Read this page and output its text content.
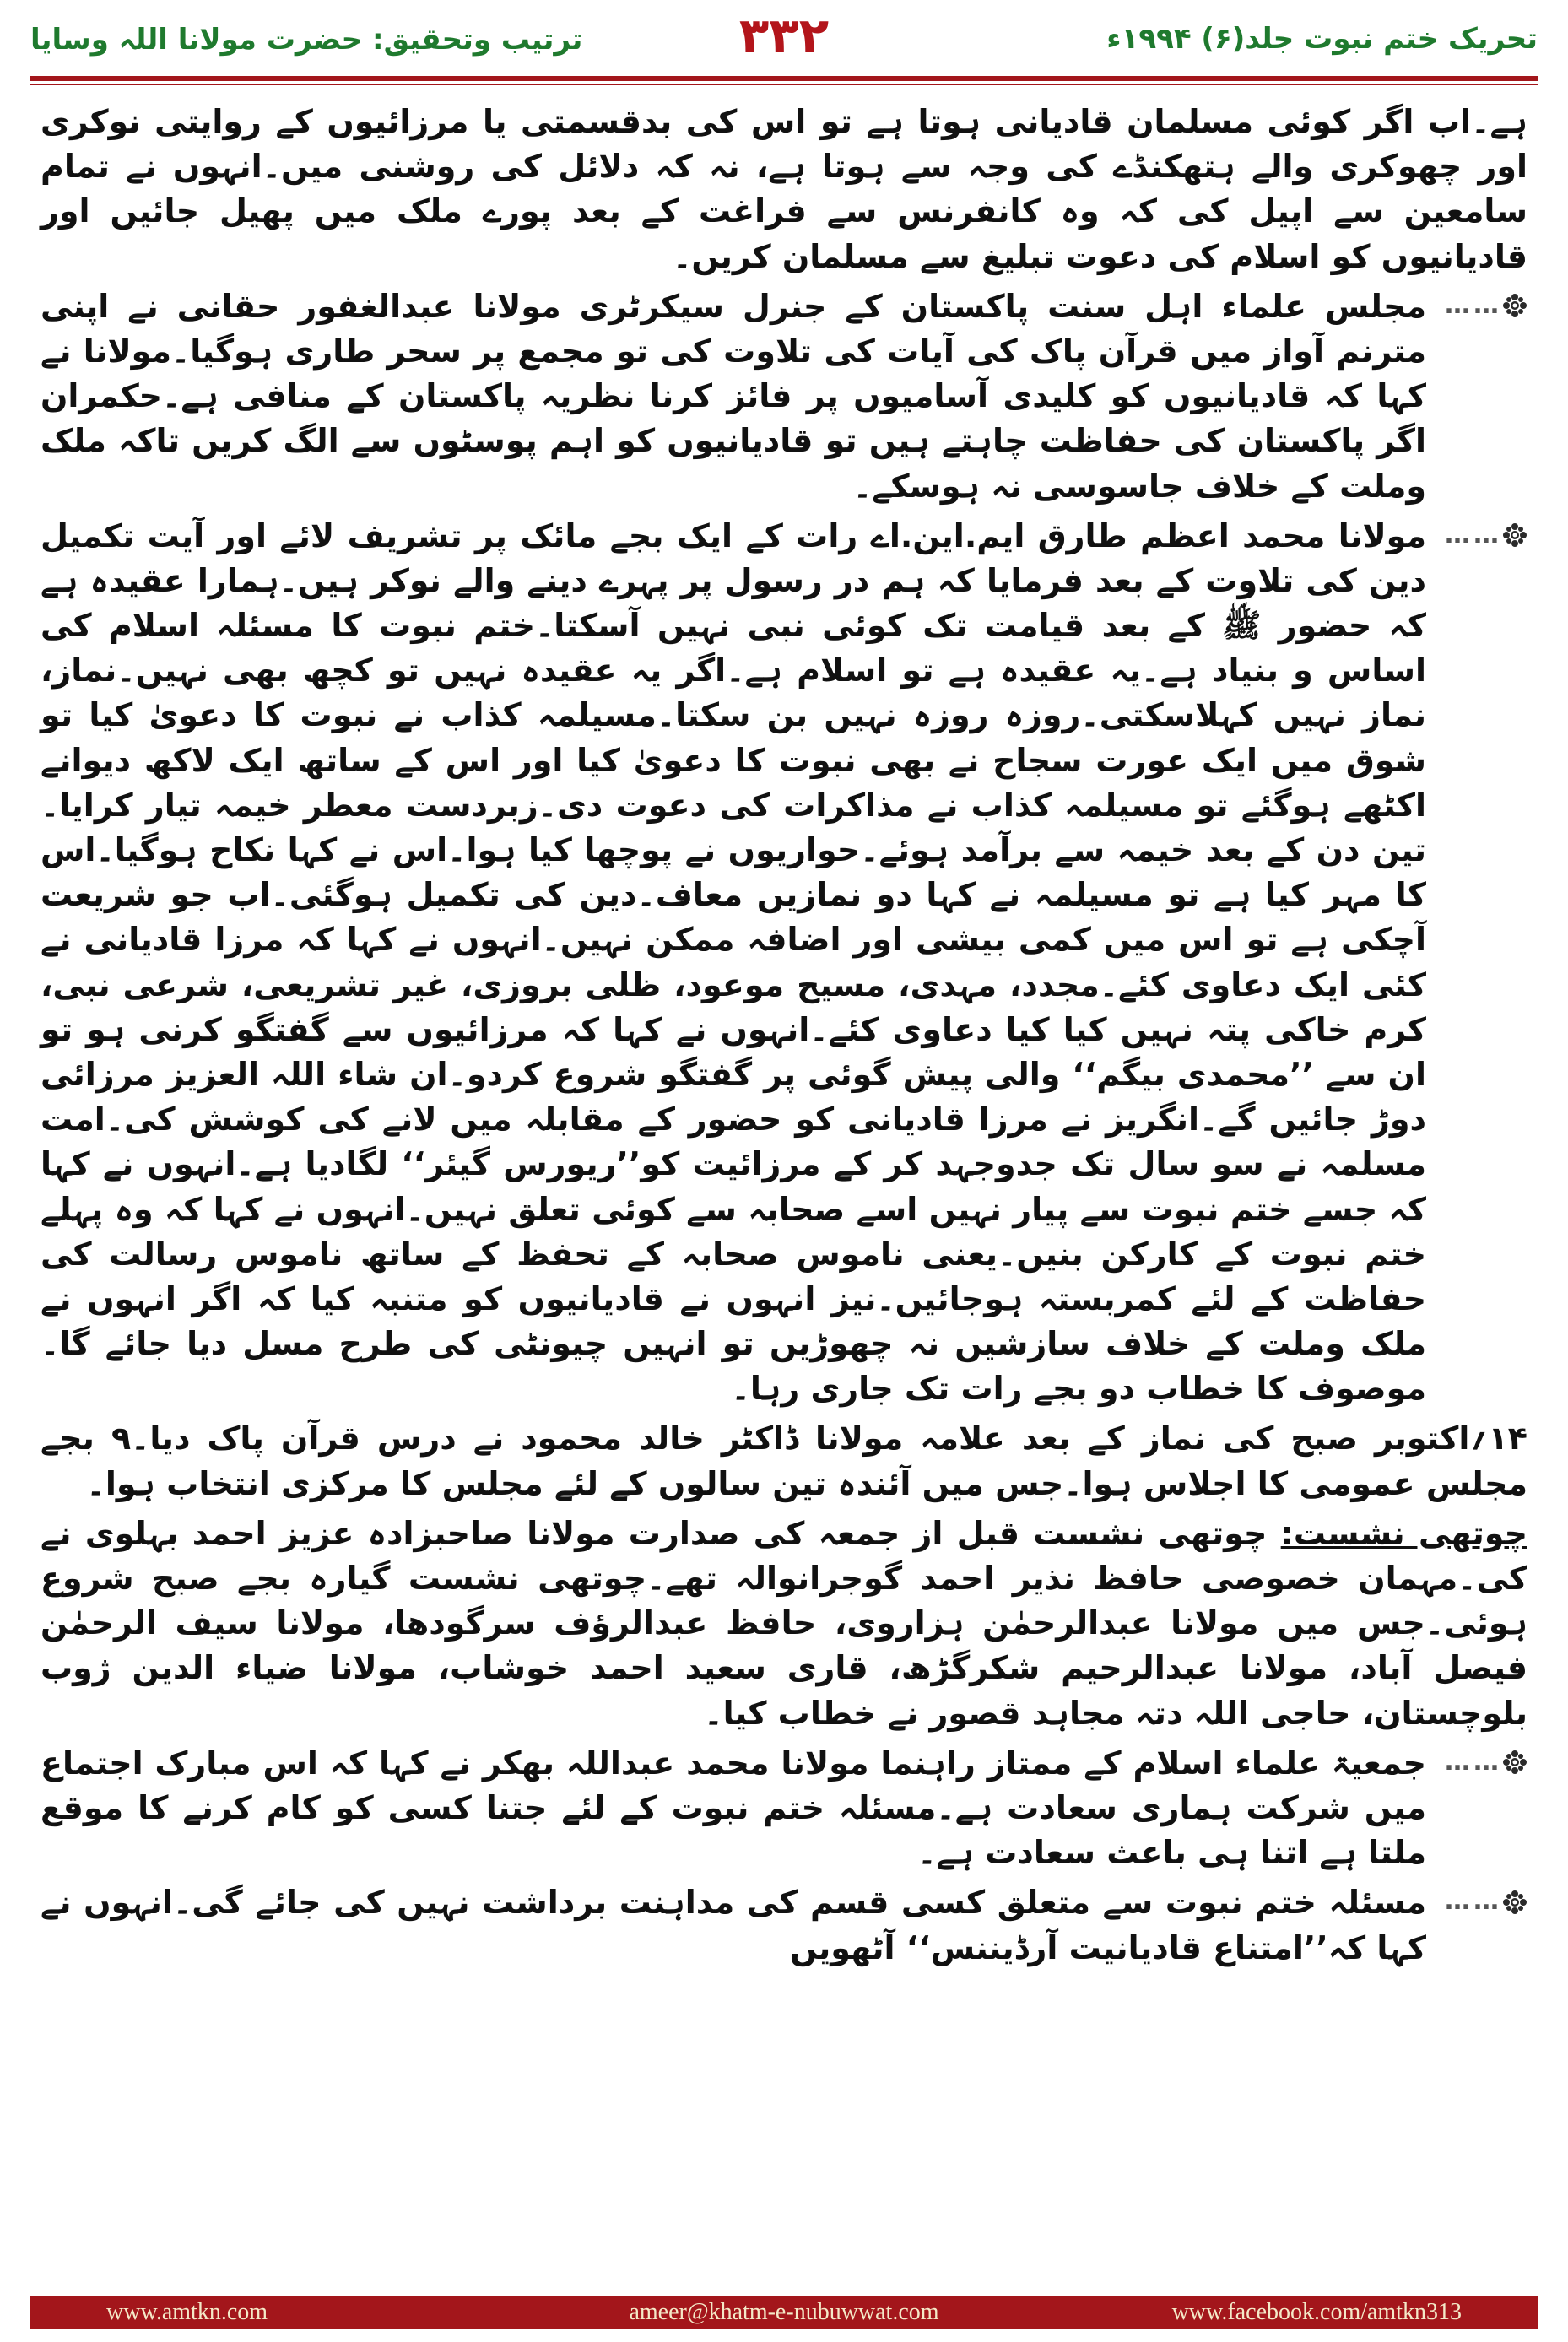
ترتیب وتحقیق: حضرت مولانا اللہ وسایا	۳۳۲	تحریک ختم نبوت جلد(۶) ۱۹۹۴ء

ہے۔اب اگر کوئی مسلمان قادیانی ہوتا ہے تو اس کی بدقسمتی یا مرزائیوں کے روایتی نوکری اور چھوکری والے ہتھکنڈے کی وجہ سے ہوتا ہے، نہ کہ دلائل کی روشنی میں۔انہوں نے تمام سامعین سے اپیل کی کہ وہ کانفرنس سے فراغت کے بعد پورے ملک میں پھیل جائیں اور قادیانیوں کو اسلام کی دعوت تبلیغ سے مسلمان کریں۔

……
مجلس علماء اہل سنت پاکستان کے جنرل سیکرٹری مولانا عبدالغفور حقانی نے اپنی مترنم آواز میں قرآن پاک کی آیات کی تلاوت کی تو مجمع پر سحر طاری ہوگیا۔مولانا نے کہا کہ قادیانیوں کو کلیدی آسامیوں پر فائز کرنا نظریہ پاکستان کے منافی ہے۔حکمران اگر پاکستان کی حفاظت چاہتے ہیں تو قادیانیوں کو اہم پوسٹوں سے الگ کریں تاکہ ملک وملت کے خلاف جاسوسی نہ ہوسکے۔

……
مولانا محمد اعظم طارق ایم.این.اے رات کے ایک بجے مائک پر تشریف لائے اور آیت تکمیل دین کی تلاوت کے بعد فرمایا کہ ہم در رسول پر پہرے دینے والے نوکر ہیں۔ہمارا عقیدہ ہے کہ حضور ﷺ کے بعد قیامت تک کوئی نبی نہیں آسکتا۔ختم نبوت کا مسئلہ اسلام کی اساس و بنیاد ہے۔یہ عقیدہ ہے تو اسلام ہے۔اگر یہ عقیدہ نہیں تو کچھ بھی نہیں۔نماز، نماز نہیں کہلاسکتی۔روزہ روزہ نہیں بن سکتا۔مسیلمہ کذاب نے نبوت کا دعویٰ کیا تو شوق میں ایک عورت سجاح نے بھی نبوت کا دعویٰ کیا اور اس کے ساتھ ایک لاکھ دیوانے اکٹھے ہوگئے تو مسیلمہ کذاب نے مذاکرات کی دعوت دی۔زبردست معطر خیمہ تیار کرایا۔تین دن کے بعد خیمہ سے برآمد ہوئے۔حواریوں نے پوچھا کیا ہوا۔اس نے کہا نکاح ہوگیا۔اس کا مہر کیا ہے تو مسیلمہ نے کہا دو نمازیں معاف۔دین کی تکمیل ہوگئی۔اب جو شریعت آچکی ہے تو اس میں کمی بیشی اور اضافہ ممکن نہیں۔انہوں نے کہا کہ مرزا قادیانی نے کئی ایک دعاوی کئے۔مجدد، مہدی، مسیح موعود، ظلی بروزی، غیر تشریعی، شرعی نبی، کرم خاکی پتہ نہیں کیا کیا دعاوی کئے۔انہوں نے کہا کہ مرزائیوں سے گفتگو کرنی ہو تو ان سے ’’محمدی بیگم‘‘ والی پیش گوئی پر گفتگو شروع کردو۔ان شاء اللہ العزیز مرزائی دوڑ جائیں گے۔انگریز نے مرزا قادیانی کو حضور کے مقابلہ میں لانے کی کوشش کی۔امت مسلمہ نے سو سال تک جدوجہد کر کے مرزائیت کو’’ریورس گیئر‘‘ لگادیا ہے۔انہوں نے کہا کہ جسے ختم نبوت سے پیار نہیں اسے صحابہ سے کوئی تعلق نہیں۔انہوں نے کہا کہ وہ پہلے ختم نبوت کے کارکن بنیں۔یعنی ناموس صحابہ کے تحفظ کے ساتھ ناموس رسالت کی حفاظت کے لئے کمربستہ ہوجائیں۔نیز انہوں نے قادیانیوں کو متنبہ کیا کہ اگر انہوں نے ملک وملت کے خلاف سازشیں نہ چھوڑیں تو انہیں چیونٹی کی طرح مسل دیا جائے گا۔موصوف کا خطاب دو بجے رات تک جاری رہا۔

۱۴؍اکتوبر صبح کی نماز کے بعد علامہ مولانا ڈاکٹر خالد محمود نے درس قرآن پاک دیا۔۹ بجے مجلس عمومی کا اجلاس ہوا۔جس میں آئندہ تین سالوں کے لئے مجلس کا مرکزی انتخاب ہوا۔

چوتھی نشست: چوتھی نشست قبل از جمعہ کی صدارت مولانا صاحبزادہ عزیز احمد بہلوی نے کی۔مہمان خصوصی حافظ نذیر احمد گوجرانوالہ تھے۔چوتھی نشست گیارہ بجے صبح شروع ہوئی۔جس میں مولانا عبدالرحمٰن ہزاروی، حافظ عبدالرؤف سرگودھا، مولانا سیف الرحمٰن فیصل آباد، مولانا عبدالرحیم شکرگڑھ، قاری سعید احمد خوشاب، مولانا ضیاء الدین ژوب بلوچستان، حاجی اللہ دتہ مجاہد قصور نے خطاب کیا۔

……
جمعیۃ علماء اسلام کے ممتاز راہنما مولانا محمد عبداللہ بھکر نے کہا کہ اس مبارک اجتماع میں شرکت ہماری سعادت ہے۔مسئلہ ختم نبوت کے لئے جتنا کسی کو کام کرنے کا موقع ملتا ہے اتنا ہی باعث سعادت ہے۔

……
مسئلہ ختم نبوت سے متعلق کسی قسم کی مداہنت برداشت نہیں کی جائے گی۔انہوں نے کہا کہ’’امتناع قادیانیت آرڈیننس‘‘ آٹھویں

www.amtkn.com	ameer@khatm-e-nubuwwat.com	www.facebook.com/amtkn313
